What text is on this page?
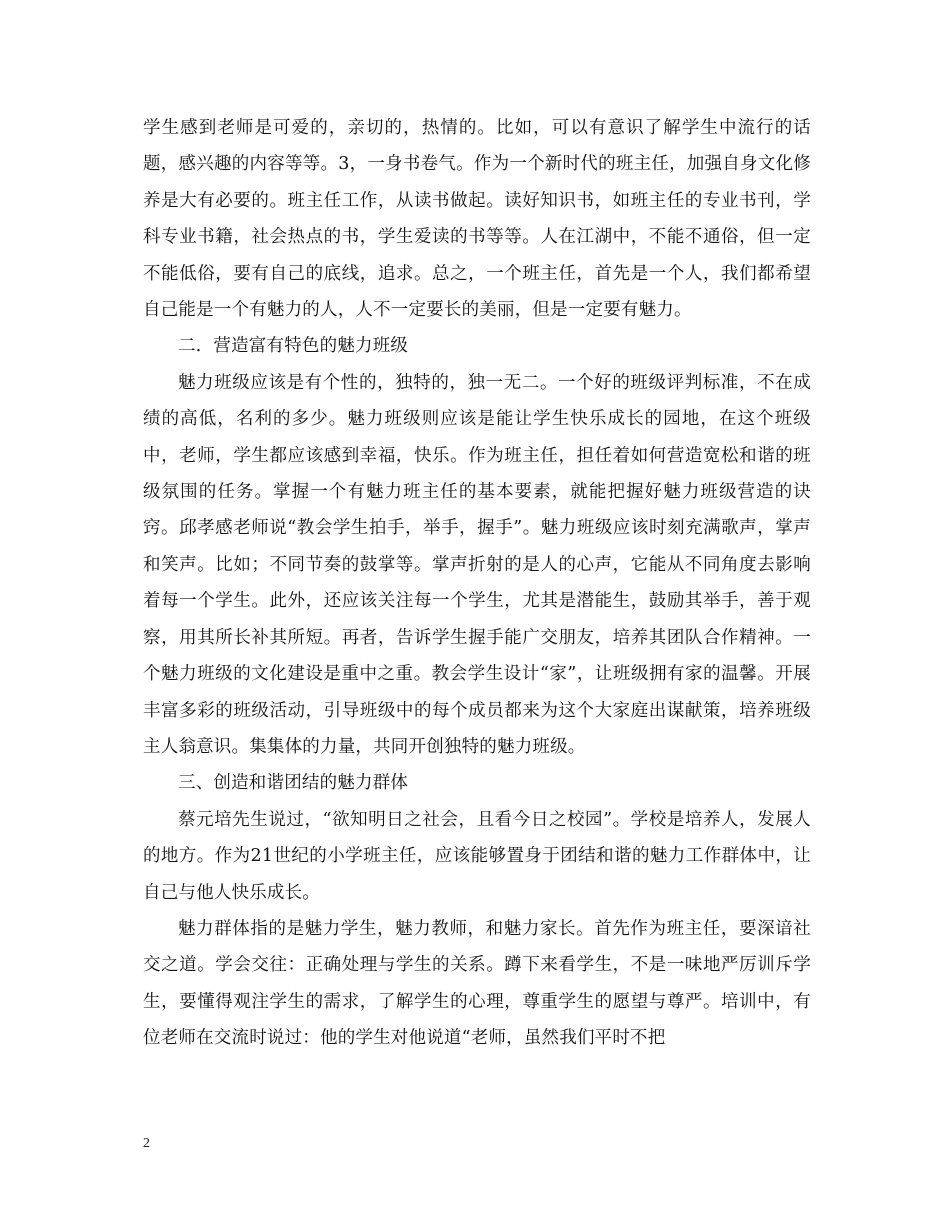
学生感到老师是可爱的，亲切的，热情的。比如，可以有意识了解学生中流行的话题，感兴趣的内容等等。3，一身书卷气。作为一个新时代的班主任，加强自身文化修养是大有必要的。班主任工作，从读书做起。读好知识书，如班主任的专业书刊，学科专业书籍，社会热点的书，学生爱读的书等等。人在江湖中，不能不通俗，但一定不能低俗，要有自己的底线，追求。总之，一个班主任，首先是一个人，我们都希望自己能是一个有魅力的人，人不一定要长的美丽，但是一定要有魅力。

二．营造富有特色的魅力班级

魅力班级应该是有个性的，独特的，独一无二。一个好的班级评判标准，不在成绩的高低，名利的多少。魅力班级则应该是能让学生快乐成长的园地，在这个班级中，老师，学生都应该感到幸福，快乐。作为班主任，担任着如何营造宽松和谐的班级氛围的任务。掌握一个有魅力班主任的基本要素，就能把握好魅力班级营造的诀窍。邱孝感老师说“教会学生拍手，举手，握手”。魅力班级应该时刻充满歌声，掌声和笑声。比如；不同节奏的鼓掌等。掌声折射的是人的心声，它能从不同角度去影响着每一个学生。此外，还应该关注每一个学生，尤其是潜能生，鼓励其举手，善于观察，用其所长补其所短。再者，告诉学生握手能广交朋友，培养其团队合作精神。一个魅力班级的文化建设是重中之重。教会学生设计“家”，让班级拥有家的温馨。开展丰富多彩的班级活动，引导班级中的每个成员都来为这个大家庭出谋献策，培养班级主人翁意识。集集体的力量，共同开创独特的魅力班级。

三、创造和谐团结的魅力群体

蔡元培先生说过，“欲知明日之社会，且看今日之校园”。学校是培养人，发展人的地方。作为21世纪的小学班主任，应该能够置身于团结和谐的魅力工作群体中，让自己与他人快乐成长。

魅力群体指的是魅力学生，魅力教师，和魅力家长。首先作为班主任，要深谙社交之道。学会交往：正确处理与学生的关系。蹲下来看学生，不是一味地严厉训斥学生，要懂得观注学生的需求，了解学生的心理，尊重学生的愿望与尊严。培训中，有位老师在交流时说过：他的学生对他说道“老师，虽然我们平时不把

2
